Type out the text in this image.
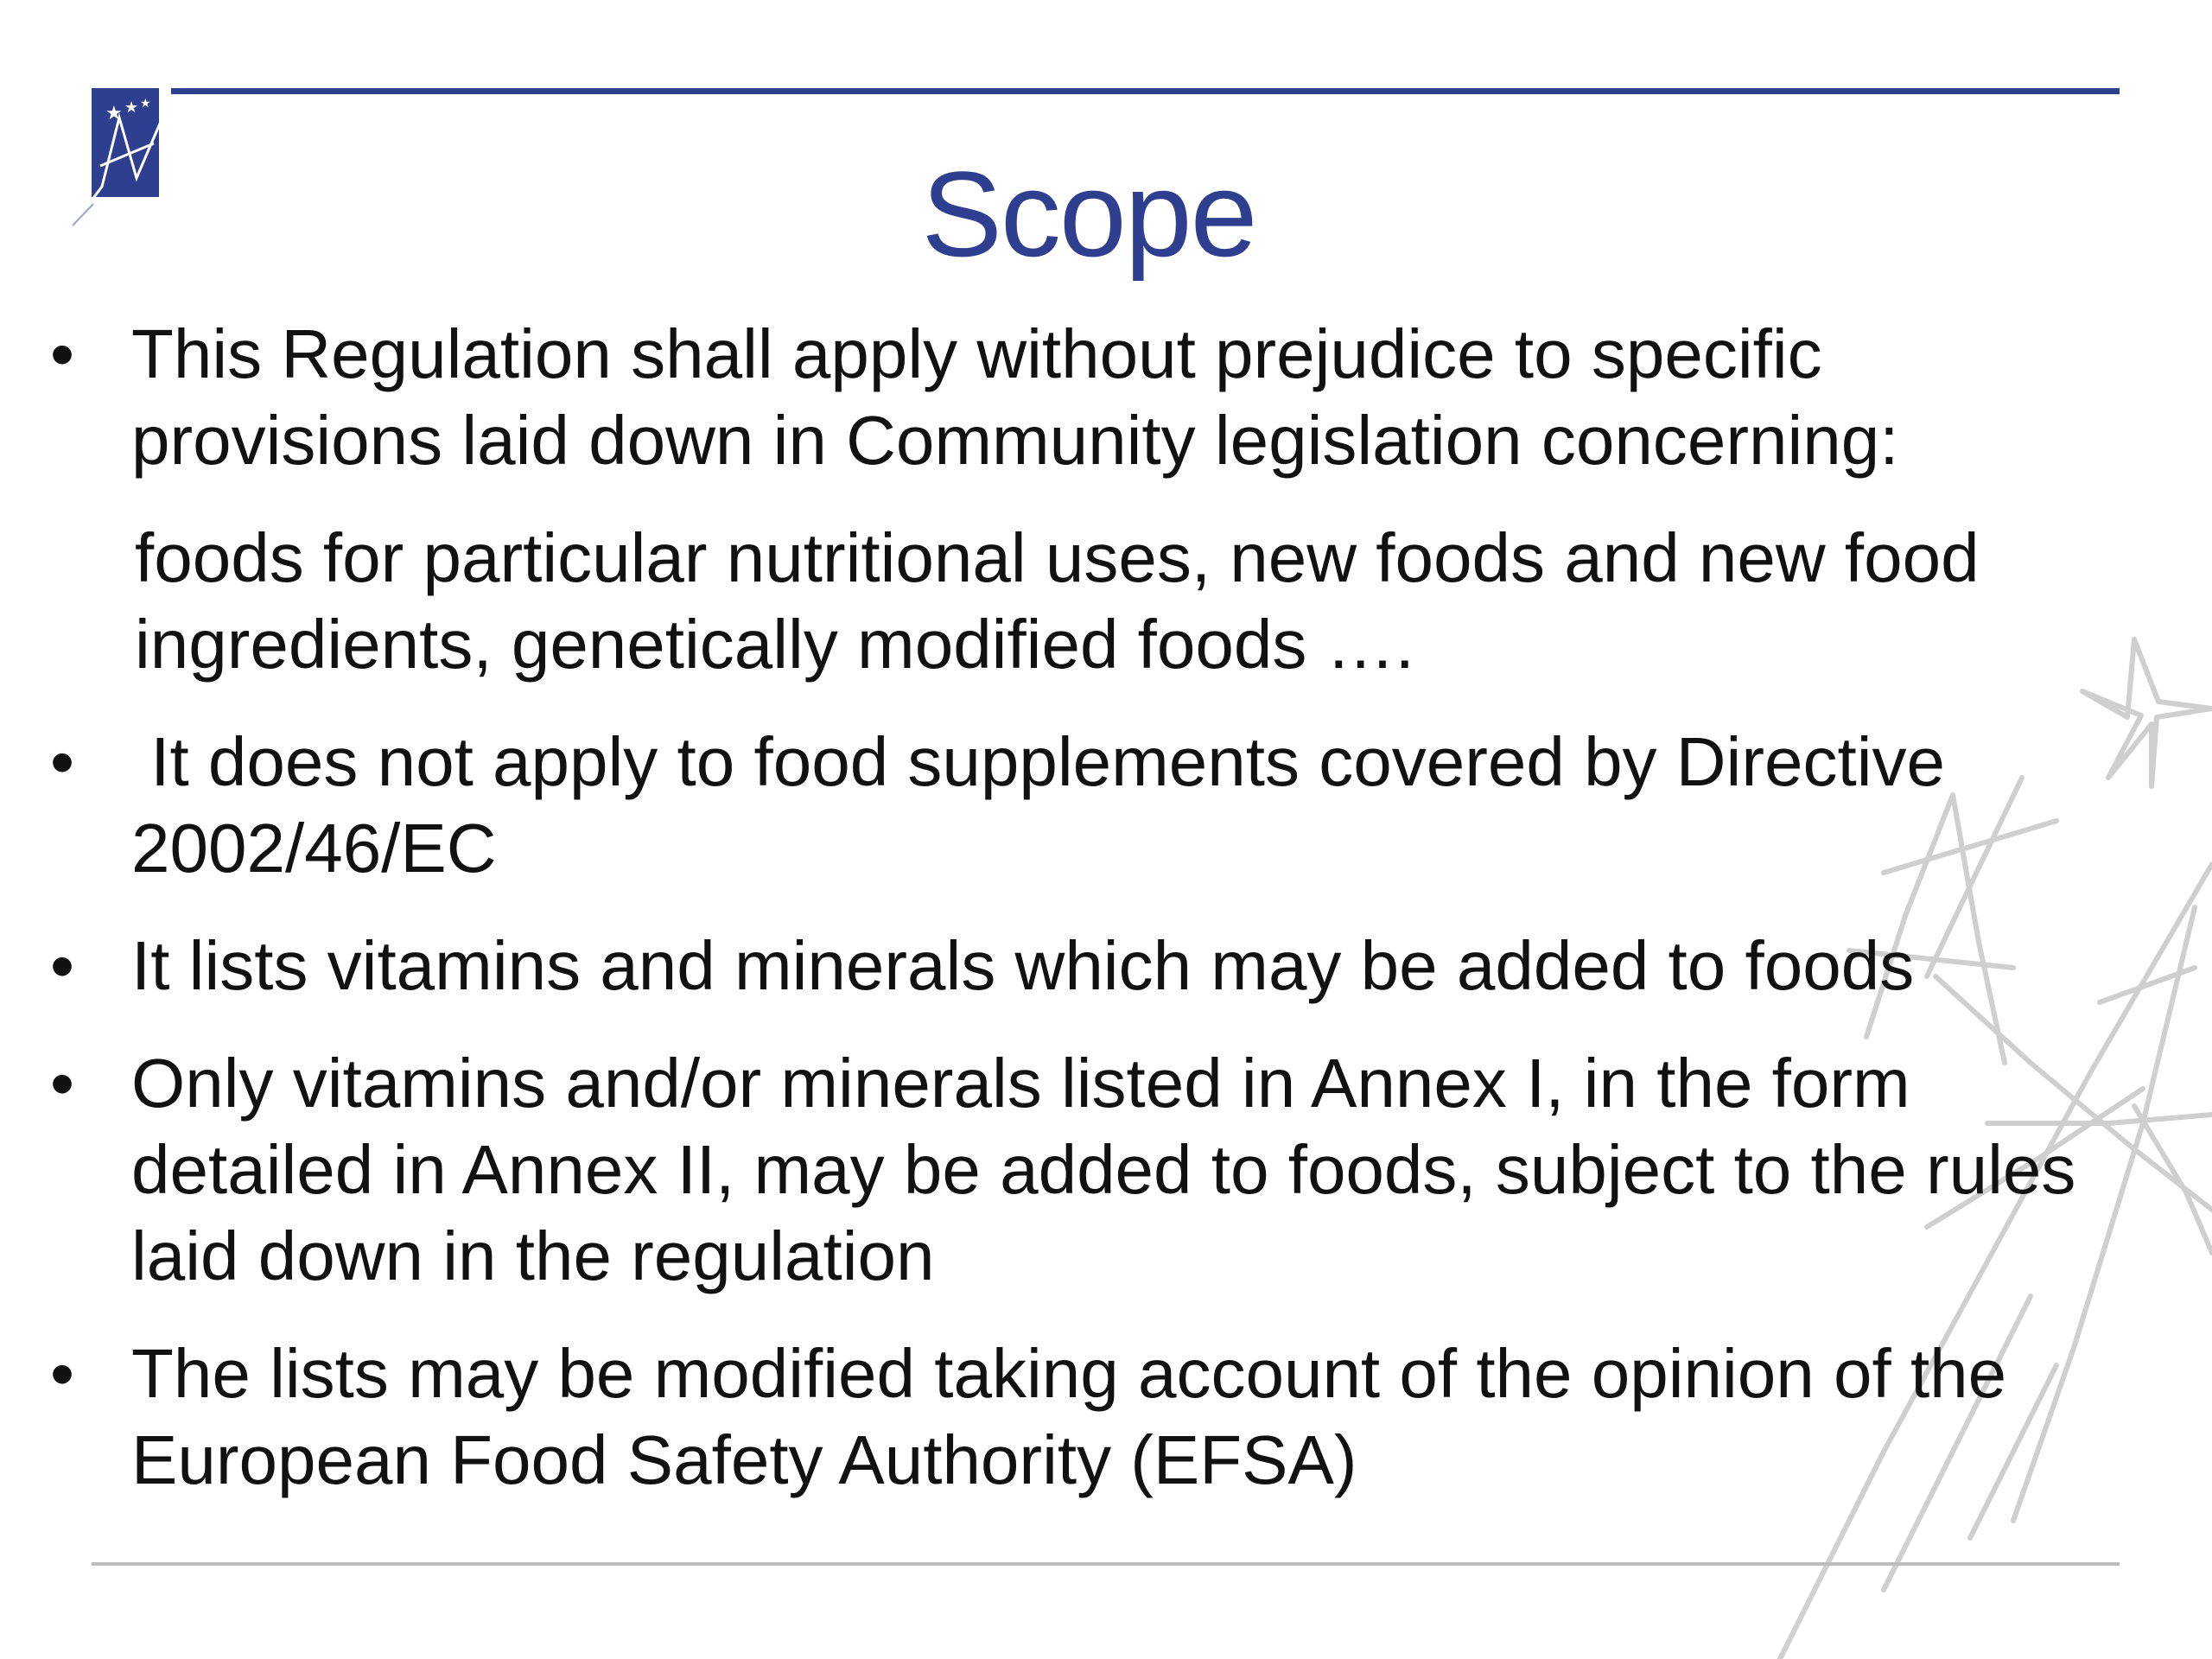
★ ★ ★
Scope
• This Regulation shall apply without prejudice to specific provisions laid down in Community legislation concerning:
foods for particular nutritional uses, new foods and new food ingredients, genetically modified foods ….
• It does not apply to food supplements covered by Directive 2002/46/EC
• It lists vitamins and minerals which may be added to foods
• Only vitamins and/or minerals listed in Annex I, in the form detailed in Annex II, may be added to foods, subject to the rules laid down in the regulation
• The lists may be modified taking account of the opinion of the European Food Safety Authority (EFSA)
